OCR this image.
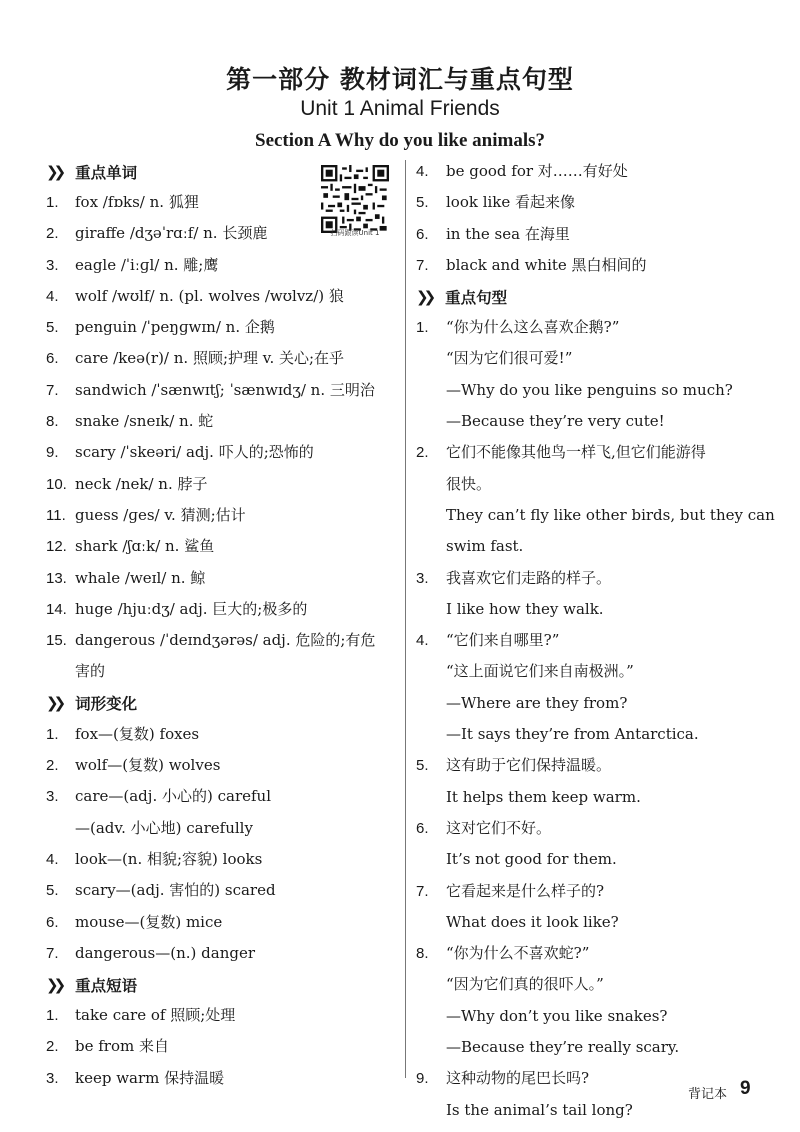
第一部分 教材词汇与重点句型
Unit 1 Animal Friends
Section A Why do you like animals?
❯❯ 重点单词
1.	fox /fɒks/ n. 狐狸
2.	giraffe /dʒəˈrɑːf/ n. 长颈鹿
3.	eagle /ˈiːɡl/ n. 雕;鹰
4.	wolf /wʊlf/ n. (pl. wolves /wʊlvz/) 狼
5.	penguin /ˈpeŋɡwɪn/ n. 企鹅
6.	care /keə(r)/ n. 照顾;护理 v. 关心;在乎
7.	sandwich /ˈsænwɪtʃ; ˈsænwɪdʒ/ n. 三明治
8.	snake /sneɪk/ n. 蛇
9.	scary /ˈskeəri/ adj. 吓人的;恐怖的
10. neck /nek/ n. 脖子
11. guess /ɡes/ v. 猜测;估计
12. shark /ʃɑːk/ n. 鲨鱼
13. whale /weɪl/ n. 鲸
14. huge /hjuːdʒ/ adj. 巨大的;极多的
15. dangerous /ˈdeɪndʒərəs/ adj. 危险的;有危
害的
❯❯ 词形变化
1.	fox—(复数) foxes
2.	wolf—(复数) wolves
3.	care—(adj. 小心的) careful
—(adv. 小心地) carefully
4.	look—(n. 相貌;容貌) looks
5.	scary—(adj. 害怕的) scared
6.	mouse—(复数) mice
7.	dangerous—(n.) danger
❯❯ 重点短语
1.	take care of 照顾;处理
2.	be from 来自
3.	keep warm 保持温暖
4.	be good for 对……有好处
5.	look like 看起来像
6.	in the sea 在海里
7.	black and white 黑白相间的
❯❯ 重点句型
1.	“你为什么这么喜欢企鹅?”
“因为它们很可爱!”
—Why do you like penguins so much?
—Because they’re very cute!
2.	它们不能像其他鸟一样飞,但它们能游得
很快。
They can’t fly like other birds, but they can
swim fast.
3.	我喜欢它们走路的样子。
I like how they walk.
4.	“它们来自哪里?”
“这上面说它们来自南极洲。”
—Where are they from?
—It says they’re from Antarctica.
5.	这有助于它们保持温暖。
It helps them keep warm.
6.	这对它们不好。
It’s not good for them.
7.	它看起来是什么样子的?
What does it look like?
8.	“你为什么不喜欢蛇?”
“因为它们真的很吓人。”
—Why don’t you like snakes?
—Because they’re really scary.
9.	这种动物的尾巴长吗?
Is the animal’s tail long?
扫码跟读Unit 1
背记本 9
